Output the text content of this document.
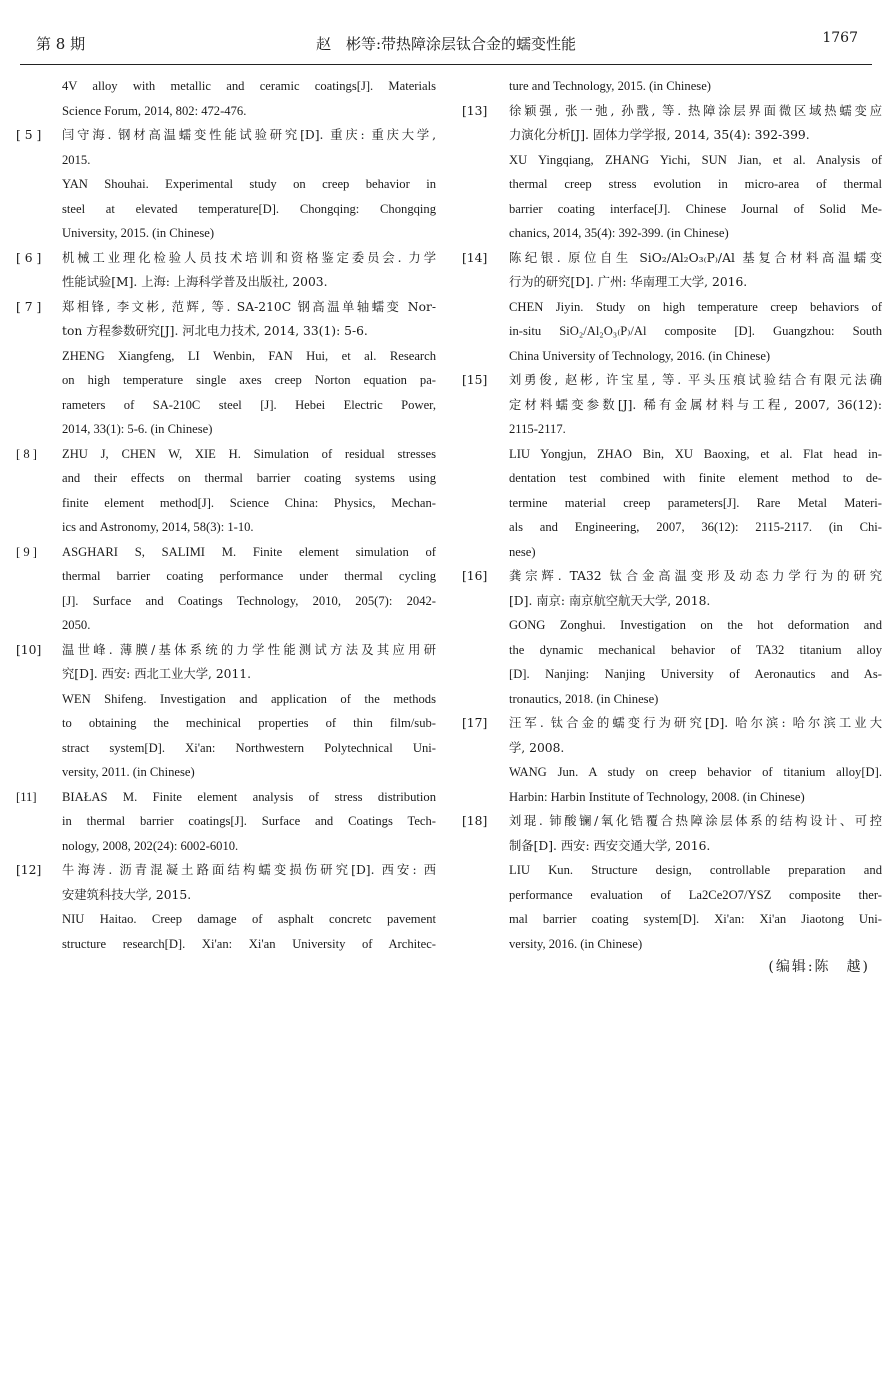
第 8 期	赵　彬等:带热障涂层钛合金的蠕变性能	1767
4V alloy with metallic and ceramic coatings[J]. Materials
Science Forum, 2014, 802: 472-476.
[ 5 ]	闫守海. 钢材高温蠕变性能试验研究[D]. 重庆: 重庆大学,
2015.
YAN Shouhai. Experimental study on creep behavior in
steel at elevated temperature[D]. Chongqing: Chongqing
University, 2015. (in Chinese)
[ 6 ]	机械工业理化检验人员技术培训和资格鉴定委员会. 力学
性能试验[M]. 上海: 上海科学普及出版社, 2003.
[ 7 ]	郑相锋, 李文彬, 范辉, 等. SA-210C 钢高温单轴蠕变 Nor-
ton 方程参数研究[J]. 河北电力技术, 2014, 33(1): 5-6.
ZHENG Xiangfeng, LI Wenbin, FAN Hui, et al. Research
on high temperature single axes creep Norton equation pa-
rameters of SA-210C steel [J]. Hebei Electric Power,
2014, 33(1): 5-6. (in Chinese)
[ 8 ]	ZHU J, CHEN W, XIE H. Simulation of residual stresses
and their effects on thermal barrier coating systems using
finite element method[J]. Science China: Physics, Mechan-
ics and Astronomy, 2014, 58(3): 1-10.
[ 9 ]	ASGHARI S, SALIMI M. Finite element simulation of
thermal barrier coating performance under thermal cycling
[J]. Surface and Coatings Technology, 2010, 205(7): 2042-
2050.
[10]	温世峰. 薄膜/基体系统的力学性能测试方法及其应用研
究[D]. 西安: 西北工业大学, 2011.
WEN Shifeng. Investigation and application of the methods
to obtaining the mechinical properties of thin film/sub-
stract system[D]. Xi'an: Northwestern Polytechnical Uni-
versity, 2011. (in Chinese)
[11]	BIAŁAS M. Finite element analysis of stress distribution
in thermal barrier coatings[J]. Surface and Coatings Tech-
nology, 2008, 202(24): 6002-6010.
[12]	牛海涛. 沥青混凝土路面结构蠕变损伤研究[D]. 西安: 西
安建筑科技大学, 2015.
NIU Haitao. Creep damage of asphalt concretc pavement
structure research[D]. Xi'an: Xi'an University of Architec-
ture and Technology, 2015. (in Chinese)
[13]	徐颖强, 张一弛, 孙戬, 等. 热障涂层界面微区域热蠕变应
力演化分析[J]. 固体力学学报, 2014, 35(4): 392-399.
XU Yingqiang, ZHANG Yichi, SUN Jian, et al. Analysis of
thermal creep stress evolution in micro-area of thermal
barrier coating interface[J]. Chinese Journal of Solid Me-
chanics, 2014, 35(4): 392-399. (in Chinese)
[14]	陈纪银. 原位自生 SiO₂/Al₂O₃₍P₎/Al 基复合材料高温蠕变
行为的研究[D]. 广州: 华南理工大学, 2016.
CHEN Jiyin. Study on high temperature creep behaviors of
in-situ SiO₂/Al₂O₃₍P₎/Al composite [D]. Guangzhou: South
China University of Technology, 2016. (in Chinese)
[15]	刘勇俊, 赵彬, 许宝星, 等. 平头压痕试验结合有限元法确
定材料蠕变参数[J]. 稀有金属材料与工程, 2007, 36(12):
2115-2117.
LIU Yongjun, ZHAO Bin, XU Baoxing, et al. Flat head in-
dentation test combined with finite element method to de-
termine material creep parameters[J]. Rare Metal Materi-
als and Engineering, 2007, 36(12): 2115-2117. (in Chi-
nese)
[16]	龚宗辉. TA32 钛合金高温变形及动态力学行为的研究
[D]. 南京: 南京航空航天大学, 2018.
GONG Zonghui. Investigation on the hot deformation and
the dynamic mechanical behavior of TA32 titanium alloy
[D]. Nanjing: Nanjing University of Aeronautics and As-
tronautics, 2018. (in Chinese)
[17]	汪军. 钛合金的蠕变行为研究[D]. 哈尔滨: 哈尔滨工业大
学, 2008.
WANG Jun. A study on creep behavior of titanium alloy[D].
Harbin: Harbin Institute of Technology, 2008. (in Chinese)
[18]	刘琨. 铈酸镧/氧化锆覆合热障涂层体系的结构设计、可控
制备[D]. 西安: 西安交通大学, 2016.
LIU Kun. Structure design, controllable preparation and
performance evaluation of La2Ce2O7/YSZ composite ther-
mal barrier coating system[D]. Xi'an: Xi'an Jiaotong Uni-
versity, 2016. (in Chinese)
(编辑:陈　越)
